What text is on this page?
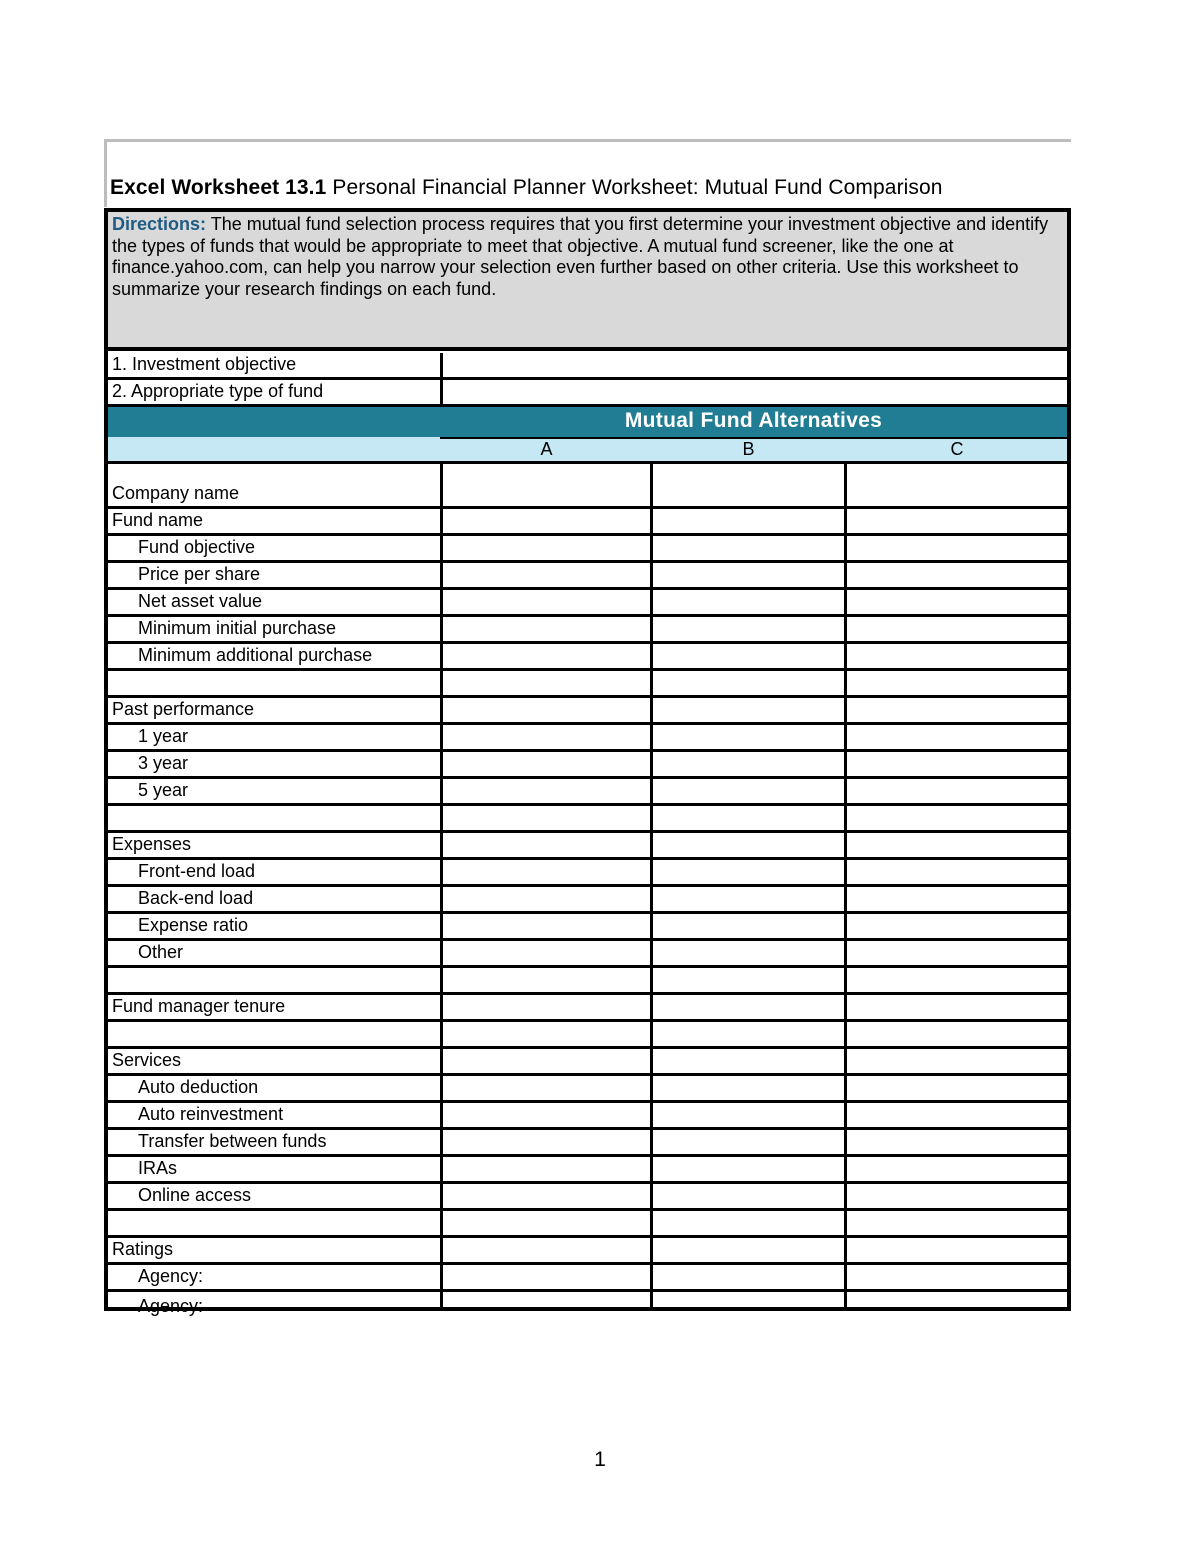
Excel Worksheet 13.1 Personal Financial Planner Worksheet: Mutual Fund Comparison
Directions: The mutual fund selection process requires that you first determine your investment objective and identify the types of funds that would be appropriate to meet that objective. A mutual fund screener, like the one at finance.yahoo.com, can help you narrow your selection even further based on other criteria. Use this worksheet to summarize your research findings on each fund.
1. Investment objective
2. Appropriate type of fund
Mutual Fund Alternatives
A	B	C
Company name
Fund name
Fund objective
Price per share
Net asset value
Minimum initial purchase
Minimum additional purchase
Past performance
1 year
3 year
5 year
Expenses
Front-end load
Back-end load
Expense ratio
Other
Fund manager tenure
Services
Auto deduction
Auto reinvestment
Transfer between funds
IRAs
Online access
Ratings
Agency:
Agency:
1
